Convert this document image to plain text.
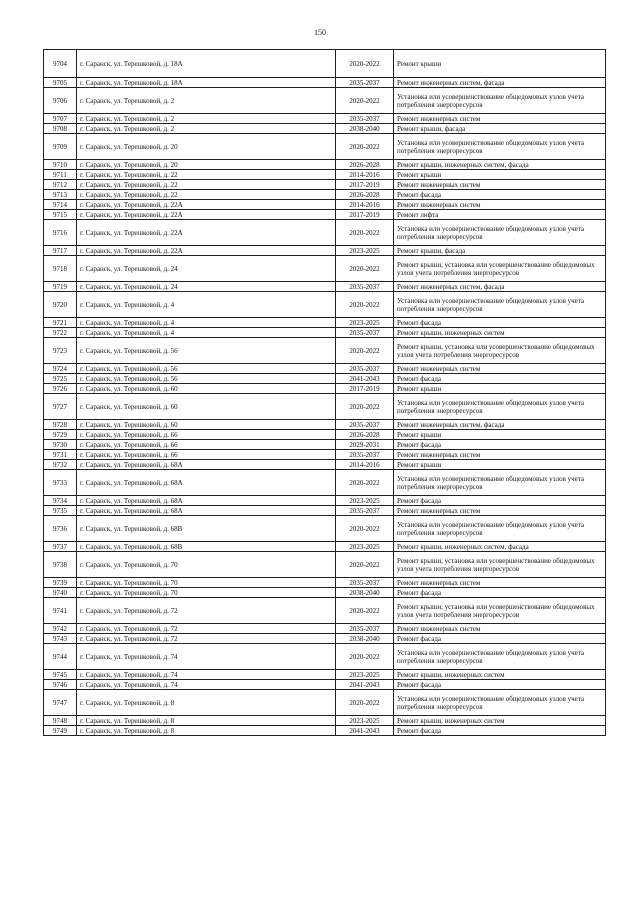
150
9704	г. Саранск, ул. Терешковой, д. 18А	2020-2022	Ремонт крыши
9705	г. Саранск, ул. Терешковой, д. 18А	2035-2037	Ремонт инженерных систем, фасада
9706	г. Саранск, ул. Терешковой, д. 2	2020-2022	Установка или усовершенствование общедомовых узлов учета потребления энергоресурсов
9707	г. Саранск, ул. Терешковой, д. 2	2035-2037	Ремонт инженерных систем
9708	г. Саранск, ул. Терешковой, д. 2	2038-2040	Ремонт крыши, фасада
9709	г. Саранск, ул. Терешковой, д. 20	2020-2022	Установка или усовершенствование общедомовых узлов учета потребления энергоресурсов
9710	г. Саранск, ул. Терешковой, д. 20	2026-2028	Ремонт крыши, инженерных систем, фасада
9711	г. Саранск, ул. Терешковой, д. 22	2014-2016	Ремонт крыши
9712	г. Саранск, ул. Терешковой, д. 22	2017-2019	Ремонт инженерных систем
9713	г. Саранск, ул. Терешковой, д. 22	2026-2028	Ремонт фасада
9714	г. Саранск, ул. Терешковой, д. 22А	2014-2016	Ремонт инженерных систем
9715	г. Саранск, ул. Терешковой, д. 22А	2017-2019	Ремонт лифта
9716	г. Саранск, ул. Терешковой, д. 22А	2020-2022	Установка или усовершенствование общедомовых узлов учета потребления энергоресурсов
9717	г. Саранск, ул. Терешковой, д. 22А	2023-2025	Ремонт крыши, фасада
9718	г. Саранск, ул. Терешковой, д. 24	2020-2022	Ремонт крыши, установка или усовершенствование общедомовых узлов учета потребления энергоресурсов
9719	г. Саранск, ул. Терешковой, д. 24	2035-2037	Ремонт инженерных систем, фасада
9720	г. Саранск, ул. Терешковой, д. 4	2020-2022	Установка или усовершенствование общедомовых узлов учета потребления энергоресурсов
9721	г. Саранск, ул. Терешковой, д. 4	2023-2025	Ремонт фасада
9722	г. Саранск, ул. Терешковой, д. 4	2035-2037	Ремонт крыши, инженерных систем
9723	г. Саранск, ул. Терешковой, д. 56	2020-2022	Ремонт крыши, установка или усовершенствование общедомовых узлов учета потребления энергоресурсов
9724	г. Саранск, ул. Терешковой, д. 56	2035-2037	Ремонт инженерных систем
9725	г. Саранск, ул. Терешковой, д. 56	2041-2043	Ремонт фасада
9726	г. Саранск, ул. Терешковой, д. 60	2017-2019	Ремонт крыши
9727	г. Саранск, ул. Терешковой, д. 60	2020-2022	Установка или усовершенствование общедомовых узлов учета потребления энергоресурсов
9728	г. Саранск, ул. Терешковой, д. 60	2035-2037	Ремонт инженерных систем, фасада
9729	г. Саранск, ул. Терешковой, д. 66	2026-2028	Ремонт крыши
9730	г. Саранск, ул. Терешковой, д. 66	2029-2031	Ремонт фасада
9731	г. Саранск, ул. Терешковой, д. 66	2035-2037	Ремонт инженерных систем
9732	г. Саранск, ул. Терешковой, д. 68А	2014-2016	Ремонт крыши
9733	г. Саранск, ул. Терешковой, д. 68А	2020-2022	Установка или усовершенствование общедомовых узлов учета потребления энергоресурсов
9734	г. Саранск, ул. Терешковой, д. 68А	2023-2025	Ремонт фасада
9735	г. Саранск, ул. Терешковой, д. 68А	2035-2037	Ремонт инженерных систем
9736	г. Саранск, ул. Терешковой, д. 68В	2020-2022	Установка или усовершенствование общедомовых узлов учета потребления энергоресурсов
9737	г. Саранск, ул. Терешковой, д. 68В	2023-2025	Ремонт крыши, инженерных систем, фасада
9738	г. Саранск, ул. Терешковой, д. 70	2020-2022	Ремонт крыши, установка или усовершенствование общедомовых узлов учета потребления энергоресурсов
9739	г. Саранск, ул. Терешковой, д. 70	2035-2037	Ремонт инженерных систем
9740	г. Саранск, ул. Терешковой, д. 70	2038-2040	Ремонт фасада
9741	г. Саранск, ул. Терешковой, д. 72	2020-2022	Ремонт крыши, установка или усовершенствование общедомовых узлов учета потребления энергоресурсов
9742	г. Саранск, ул. Терешковой, д. 72	2035-2037	Ремонт инженерных систем
9743	г. Саранск, ул. Терешковой, д. 72	2038-2040	Ремонт фасада
9744	г. Саранск, ул. Терешковой, д. 74	2020-2022	Установка или усовершенствование общедомовых узлов учета потребления энергоресурсов
9745	г. Саранск, ул. Терешковой, д. 74	2023-2025	Ремонт крыши, инженерных систем
9746	г. Саранск, ул. Терешковой, д. 74	2041-2043	Ремонт фасада
9747	г. Саранск, ул. Терешковой, д. 8	2020-2022	Установка или усовершенствование общедомовых узлов учета потребления энергоресурсов
9748	г. Саранск, ул. Терешковой, д. 8	2023-2025	Ремонт крыши, инженерных систем
9749	г. Саранск, ул. Терешковой, д. 8	2041-2043	Ремонт фасада
